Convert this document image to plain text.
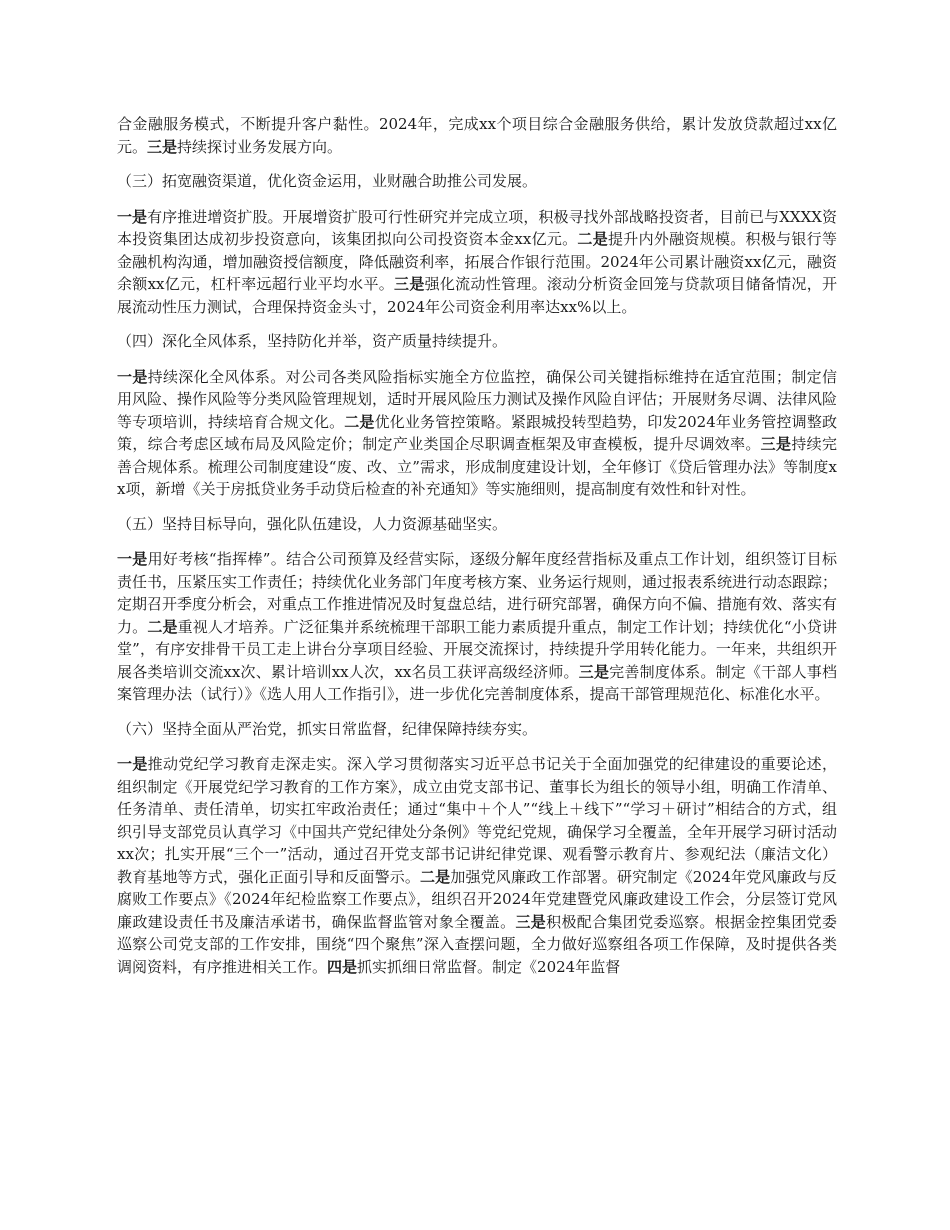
合金融服务模式，不断提升客户黏性。2024年，完成xx个项目综合金融服务供给，累计发放贷款超过xx亿元。三是持续探讨业务发展方向。

（三）拓宽融资渠道，优化资金运用，业财融合助推公司发展。

一是有序推进增资扩股。开展增资扩股可行性研究并完成立项，积极寻找外部战略投资者，目前已与XXXX资本投资集团达成初步投资意向，该集团拟向公司投资资本金xx亿元。二是提升内外融资规模。积极与银行等金融机构沟通，增加融资授信额度，降低融资利率，拓展合作银行范围。2024年公司累计融资xx亿元，融资余额xx亿元，杠杆率远超行业平均水平。三是强化流动性管理。滚动分析资金回笼与贷款项目储备情况，开展流动性压力测试，合理保持资金头寸，2024年公司资金利用率达xx%以上。

（四）深化全风体系，坚持防化并举，资产质量持续提升。

一是持续深化全风体系。对公司各类风险指标实施全方位监控，确保公司关键指标维持在适宜范围；制定信用风险、操作风险等分类风险管理规划，适时开展风险压力测试及操作风险自评估；开展财务尽调、法律风险等专项培训，持续培育合规文化。二是优化业务管控策略。紧跟城投转型趋势，印发2024年业务管控调整政策，综合考虑区域布局及风险定价；制定产业类国企尽职调查框架及审查模板，提升尽调效率。三是持续完善合规体系。梳理公司制度建设“废、改、立”需求，形成制度建设计划，全年修订《贷后管理办法》等制度xx项，新增《关于房抵贷业务手动贷后检查的补充通知》等实施细则，提高制度有效性和针对性。

（五）坚持目标导向，强化队伍建设，人力资源基础坚实。

一是用好考核“指挥棒”。结合公司预算及经营实际，逐级分解年度经营指标及重点工作计划，组织签订目标责任书，压紧压实工作责任；持续优化业务部门年度考核方案、业务运行规则，通过报表系统进行动态跟踪；定期召开季度分析会，对重点工作推进情况及时复盘总结，进行研究部署，确保方向不偏、措施有效、落实有力。二是重视人才培养。广泛征集并系统梳理干部职工能力素质提升重点，制定工作计划；持续优化“小贷讲堂”，有序安排骨干员工走上讲台分享项目经验、开展交流探讨，持续提升学用转化能力。一年来，共组织开展各类培训交流xx次、累计培训xx人次，xx名员工获评高级经济师。三是完善制度体系。制定《干部人事档案管理办法（试行）》《选人用人工作指引》，进一步优化完善制度体系，提高干部管理规范化、标准化水平。

（六）坚持全面从严治党，抓实日常监督，纪律保障持续夯实。

一是推动党纪学习教育走深走实。深入学习贯彻落实习近平总书记关于全面加强党的纪律建设的重要论述，组织制定《开展党纪学习教育的工作方案》，成立由党支部书记、董事长为组长的领导小组，明确工作清单、任务清单、责任清单，切实扛牢政治责任；通过“集中＋个人”“线上＋线下”“学习＋研讨”相结合的方式，组织引导支部党员认真学习《中国共产党纪律处分条例》等党纪党规，确保学习全覆盖，全年开展学习研讨活动xx次；扎实开展“三个一”活动，通过召开党支部书记讲纪律党课、观看警示教育片、参观纪法（廉洁文化）教育基地等方式，强化正面引导和反面警示。二是加强党风廉政工作部署。研究制定《2024年党风廉政与反腐败工作要点》《2024年纪检监察工作要点》，组织召开2024年党建暨党风廉政建设工作会，分层签订党风廉政建设责任书及廉洁承诺书，确保监督监管对象全覆盖。三是积极配合集团党委巡察。根据金控集团党委巡察公司党支部的工作安排，围绕“四个聚焦”深入查摆问题，全力做好巡察组各项工作保障，及时提供各类调阅资料，有序推进相关工作。四是抓实抓细日常监督。制定《2024年监督
